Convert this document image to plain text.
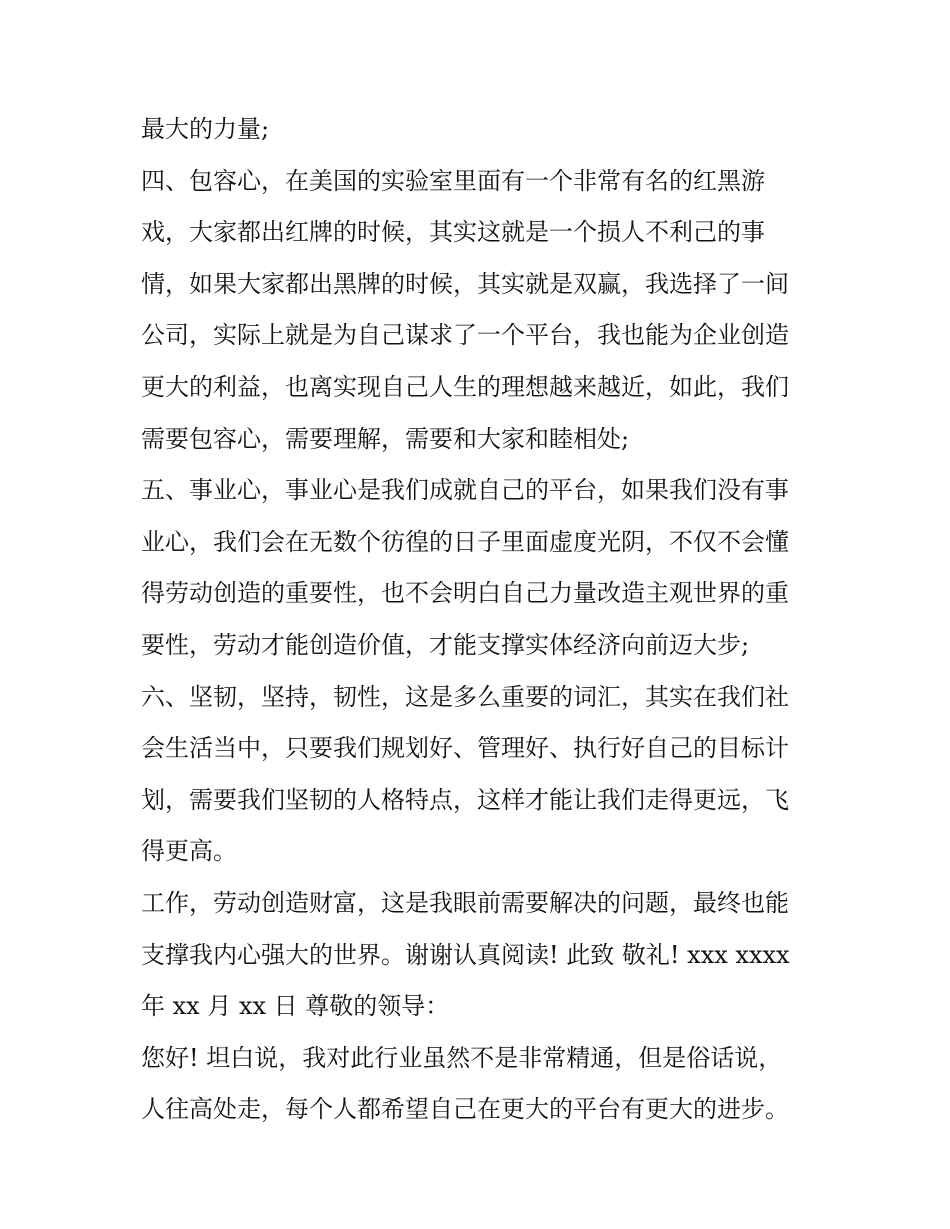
最大的力量;
四、包容心，在美国的实验室里面有一个非常有名的红黑游
戏，大家都出红牌的时候，其实这就是一个损人不利己的事
情，如果大家都出黑牌的时候，其实就是双赢，我选择了一间
公司，实际上就是为自己谋求了一个平台，我也能为企业创造
更大的利益，也离实现自己人生的理想越来越近，如此，我们
需要包容心，需要理解，需要和大家和睦相处;
五、事业心，事业心是我们成就自己的平台，如果我们没有事
业心，我们会在无数个彷徨的日子里面虚度光阴，不仅不会懂
得劳动创造的重要性，也不会明白自己力量改造主观世界的重
要性，劳动才能创造价值，才能支撑实体经济向前迈大步;
六、坚韧，坚持，韧性，这是多么重要的词汇，其实在我们社
会生活当中，只要我们规划好、管理好、执行好自己的目标计
划，需要我们坚韧的人格特点，这样才能让我们走得更远，飞
得更高。
工作，劳动创造财富，这是我眼前需要解决的问题，最终也能
支撑我内心强大的世界。谢谢认真阅读! 此致 敬礼! xxx xxxx
年 xx 月 xx 日 尊敬的领导：
您好! 坦白说，我对此行业虽然不是非常精通，但是俗话说，
人往高处走，每个人都希望自己在更大的平台有更大的进步。
